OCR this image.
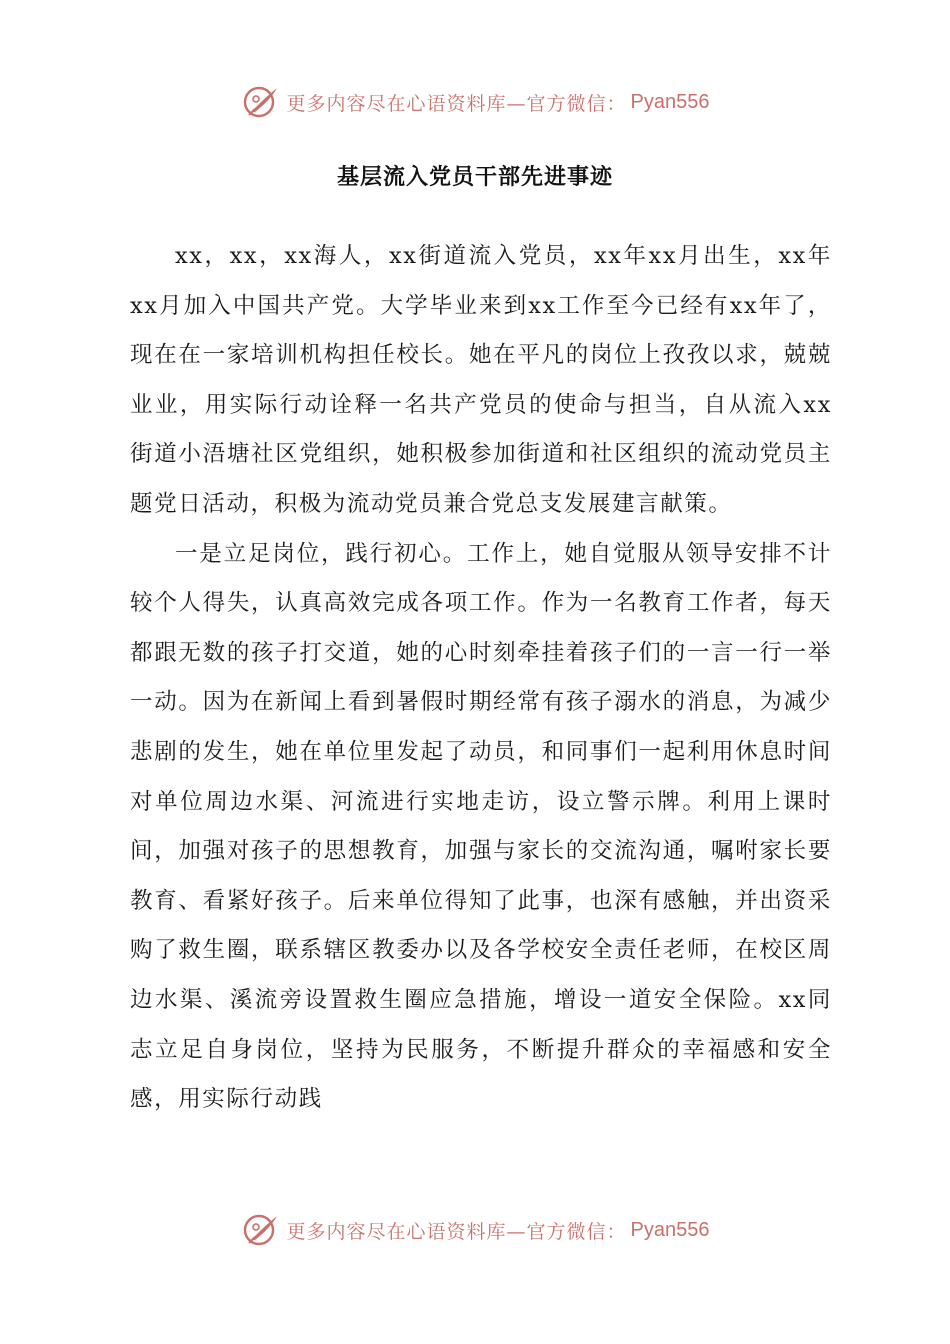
更多内容尽在心语资料库—官方微信： Pyan556
基层流入党员干部先进事迹

xx，xx，xx海人，xx街道流入党员，xx年xx月出生，xx年xx月加入中国共产党。大学毕业来到xx工作至今已经有xx年了，现在在一家培训机构担任校长。她在平凡的岗位上孜孜以求，兢兢业业，用实际行动诠释一名共产党员的使命与担当，自从流入xx街道小浯塘社区党组织，她积极参加街道和社区组织的流动党员主题党日活动，积极为流动党员兼合党总支发展建言献策。

一是立足岗位，践行初心。工作上，她自觉服从领导安排不计较个人得失，认真高效完成各项工作。作为一名教育工作者，每天都跟无数的孩子打交道，她的心时刻牵挂着孩子们的一言一行一举一动。因为在新闻上看到暑假时期经常有孩子溺水的消息，为减少悲剧的发生，她在单位里发起了动员，和同事们一起利用休息时间对单位周边水渠、河流进行实地走访，设立警示牌。利用上课时间，加强对孩子的思想教育，加强与家长的交流沟通，嘱咐家长要教育、看紧好孩子。后来单位得知了此事，也深有感触，并出资采购了救生圈，联系辖区教委办以及各学校安全责任老师，在校区周边水渠、溪流旁设置救生圈应急措施，增设一道安全保险。xx同志立足自身岗位，坚持为民服务，不断提升群众的幸福感和安全感，用实际行动践

更多内容尽在心语资料库—官方微信： Pyan556
